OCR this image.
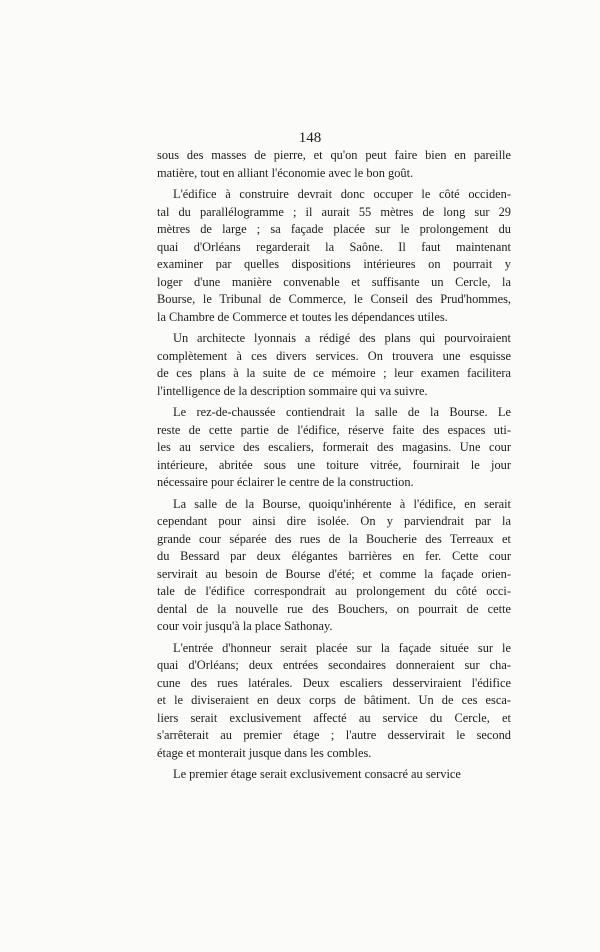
148
sous des masses de pierre, et qu'on peut faire bien en pareille
matière, tout en alliant l'économie avec le bon goût.
L'édifice à construire devrait donc occuper le côté occiden-
tal du parallélogramme ; il aurait 55 mètres de long sur 29
mètres de large ; sa façade placée sur le prolongement du
quai d'Orléans regarderait la Saône. Il faut maintenant
examiner par quelles dispositions intérieures on pourrait y
loger d'une manière convenable et suffisante un Cercle, la
Bourse, le Tribunal de Commerce, le Conseil des Prud'hommes,
la Chambre de Commerce et toutes les dépendances utiles.
Un architecte lyonnais a rédigé des plans qui pourvoiraient
complètement à ces divers services. On trouvera une esquisse
de ces plans à la suite de ce mémoire ; leur examen facilitera
l'intelligence de la description sommaire qui va suivre.
Le rez-de-chaussée contiendrait la salle de la Bourse. Le
reste de cette partie de l'édifice, réserve faite des espaces uti-
les au service des escaliers, formerait des magasins. Une cour
intérieure, abritée sous une toiture vitrée, fournirait le jour
nécessaire pour éclairer le centre de la construction.
La salle de la Bourse, quoiqu'inhérente à l'édifice, en serait
cependant pour ainsi dire isolée. On y parviendrait par la
grande cour séparée des rues de la Boucherie des Terreaux et
du Bessard par deux élégantes barrières en fer. Cette cour
servirait au besoin de Bourse d'été; et comme la façade orien-
tale de l'édifice correspondrait au prolongement du côté occi-
dental de la nouvelle rue des Bouchers, on pourrait de cette
cour voir jusqu'à la place Sathonay.
L'entrée d'honneur serait placée sur la façade située sur le
quai d'Orléans; deux entrées secondaires donneraient sur cha-
cune des rues latérales. Deux escaliers desserviraient l'édifice
et le diviseraient en deux corps de bâtiment. Un de ces esca-
liers serait exclusivement affecté au service du Cercle, et
s'arrêterait au premier étage ; l'autre desservirait le second
étage et monterait jusque dans les combles.
Le premier étage serait exclusivement consacré au service
